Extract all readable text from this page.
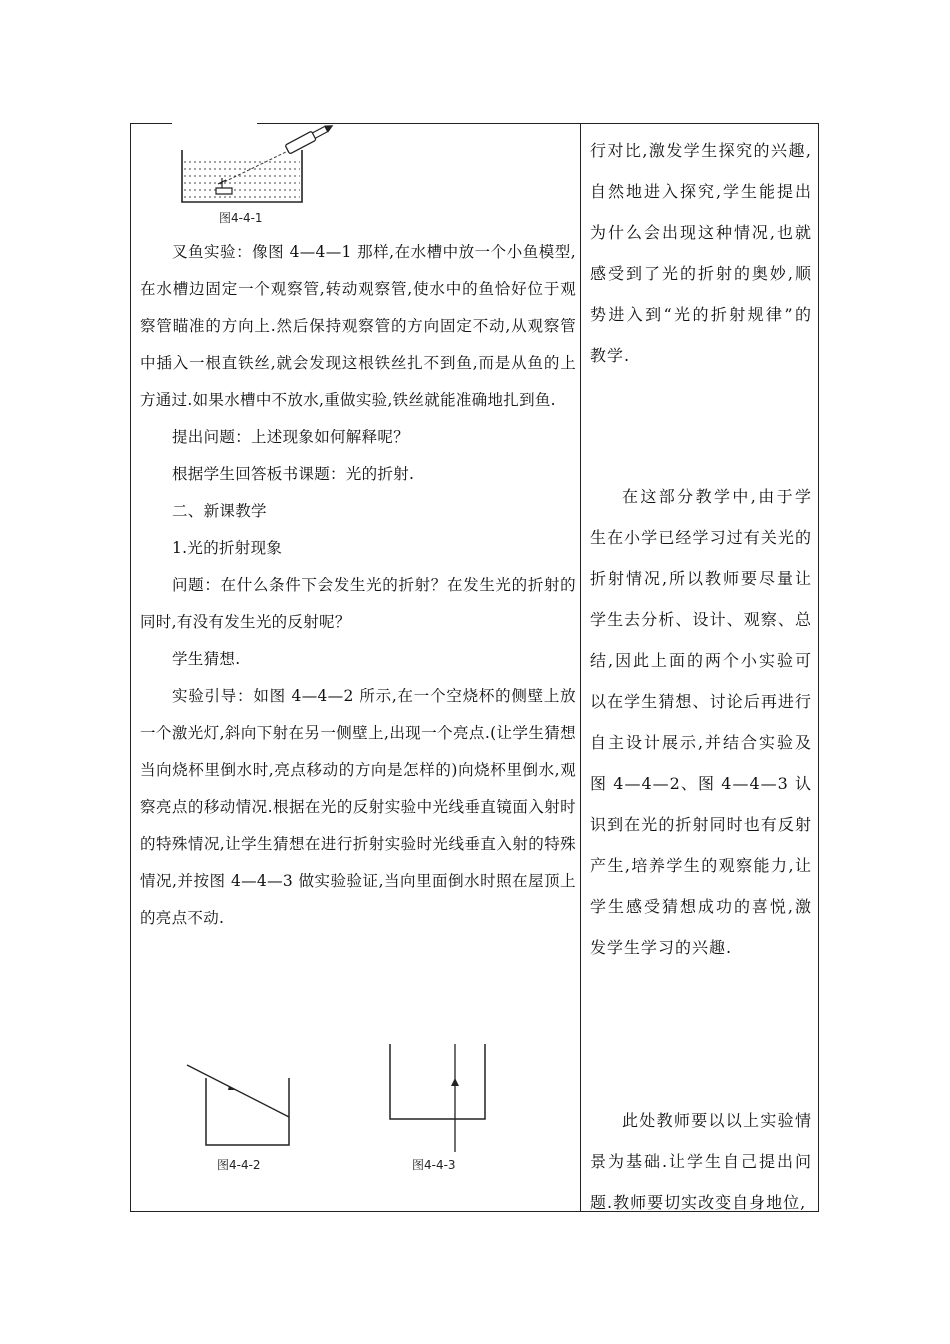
图4-4-1

叉鱼实验：像图 4—4—1 那样,在水槽中放一个小鱼模型,在水槽边固定一个观察管,转动观察管,使水中的鱼恰好位于观察管瞄准的方向上.然后保持观察管的方向固定不动,从观察管中插入一根直铁丝,就会发现这根铁丝扎不到鱼,而是从鱼的上方通过.如果水槽中不放水,重做实验,铁丝就能准确地扎到鱼.

提出问题：上述现象如何解释呢？

根据学生回答板书课题：光的折射.

二、新课教学

1.光的折射现象

问题：在什么条件下会发生光的折射？在发生光的折射的同时,有没有发生光的反射呢？

学生猜想.

实验引导：如图 4—4—2 所示,在一个空烧杯的侧壁上放一个激光灯,斜向下射在另一侧壁上,出现一个亮点.(让学生猜想当向烧杯里倒水时,亮点移动的方向是怎样的)向烧杯里倒水,观察亮点的移动情况.根据在光的反射实验中光线垂直镜面入射时的特殊情况,让学生猜想在进行折射实验时光线垂直入射的特殊情况,并按图 4—4—3 做实验验证,当向里面倒水时照在屋顶上的亮点不动.

图4-4-2	图4-4-3

行对比,激发学生探究的兴趣,自然地进入探究,学生能提出为什么会出现这种情况,也就感受到了光的折射的奥妙,顺势进入到“光的折射规律”的教学.

在这部分教学中,由于学生在小学已经学习过有关光的折射情况,所以教师要尽量让学生去分析、设计、观察、总结,因此上面的两个小实验可以在学生猜想、讨论后再进行自主设计展示,并结合实验及图 4—4—2、图 4—4—3 认识到在光的折射同时也有反射产生,培养学生的观察能力,让学生感受猜想成功的喜悦,激发学生学习的兴趣.

此处教师要以以上实验情景为基础.让学生自己提出问题.教师要切实改变自身地位,
